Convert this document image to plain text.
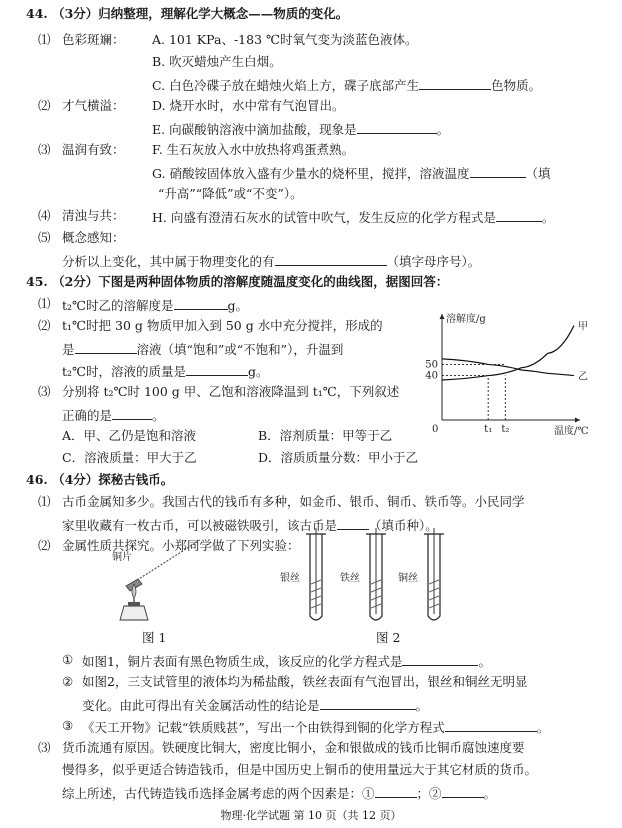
44. （3分）归纳整理，理解化学大概念——物质的变化。
⑴ 色彩斑斓： A. 101 KPa、-183 ℃时氧气变为淡蓝色液体。
B. 吹灭蜡烛产生白烟。
C. 白色冷碟子放在蜡烛火焰上方，碟子底部产生	色物质。
⑵ 才气横溢： D. 烧开水时，水中常有气泡冒出。
E. 向碳酸钠溶液中滴加盐酸，现象是	。
⑶ 温润有致： F. 生石灰放入水中放热将鸡蛋煮熟。
G. 硝酸铵固体放入盛有少量水的烧杯里，搅拌，溶液温度	（填
“升高”“降低”或“不变”）。
⑷ 清浊与共： H. 向盛有澄清石灰水的试管中吹气，发生反应的化学方程式是	。
⑸ 概念感知：
分析以上变化，其中属于物理变化的有	（填字母序号）。
45. （2分）下图是两种固体物质的溶解度随温度变化的曲线图，据图回答：
⑴ t₂℃时乙的溶解度是	g。
⑵ t₁℃时把 30 g 物质甲加入到 50 g 水中充分搅拌，形成的
是	溶液（填“饱和”或“不饱和”），升温到
t₂℃时，溶液的质量是	g。
⑶ 分别将 t₂℃时 100 g 甲、乙饱和溶液降温到 t₁℃，下列叙述
正确的是	。
A．甲、乙仍是饱和溶液	B．溶剂质量：甲等于乙
C．溶液质量：甲大于乙	D．溶质质量分数：甲小于乙
溶解度/g
温度/℃
0
甲
乙
t₁ t₂
40
50
46. （4分）探秘古钱币。
⑴ 古币金属知多少。我国古代的钱币有多种，如金币、银币、铜币、铁币等。小民同学
家里收藏有一枚古币，可以被磁铁吸引，该古币是	（填币种）。
⑵ 金属性质共探究。小郑同学做了下列实验：
铜片
图 1
银丝	铁丝	铜丝
图 2
① 如图1，铜片表面有黑色物质生成，该反应的化学方程式是	。
② 如图2，三支试管里的液体均为稀盐酸，铁丝表面有气泡冒出，银丝和铜丝无明显
变化。由此可得出有关金属活动性的结论是	。
③ 《天工开物》记载“铁质贱甚”，写出一个由铁得到铜的化学方程式	。
⑶ 货币流通有原因。铁硬度比铜大，密度比铜小，金和银做成的钱币比铜币腐蚀速度要
慢得多，似乎更适合铸造钱币，但是中国历史上铜币的使用量远大于其它材质的货币。
综上所述，古代铸造钱币选择金属考虑的两个因素是：①	；②	。
物理·化学试题 第 10 页（共 12 页）
